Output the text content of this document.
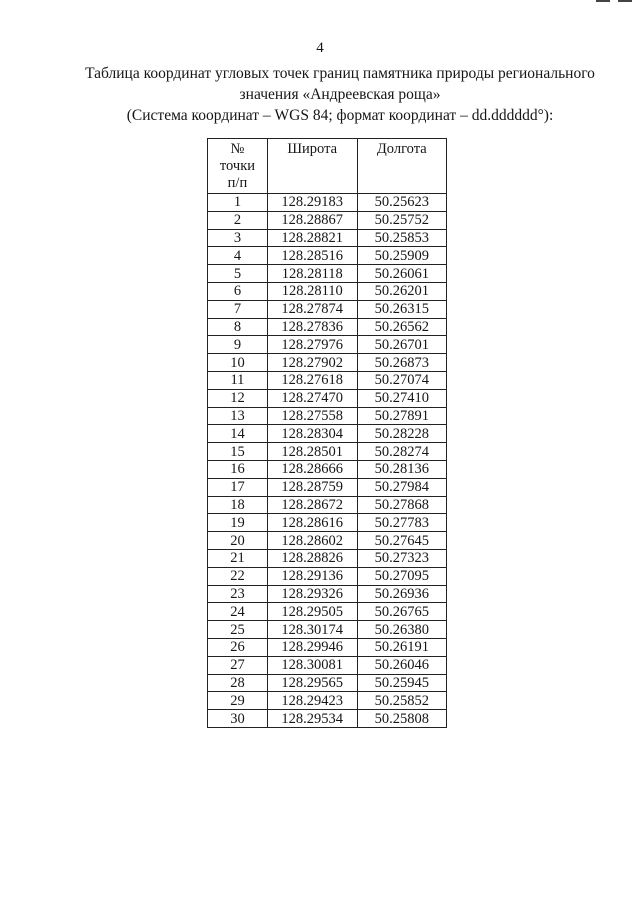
4
Таблица координат угловых точек границ памятника природы регионального
значения «Андреевская роща»
(Система координат – WGS 84; формат координат – dd.dddddd°):
№
точки
п/п	Широта	Долгота
1	128.29183	50.25623
2	128.28867	50.25752
3	128.28821	50.25853
4	128.28516	50.25909
5	128.28118	50.26061
6	128.28110	50.26201
7	128.27874	50.26315
8	128.27836	50.26562
9	128.27976	50.26701
10	128.27902	50.26873
11	128.27618	50.27074
12	128.27470	50.27410
13	128.27558	50.27891
14	128.28304	50.28228
15	128.28501	50.28274
16	128.28666	50.28136
17	128.28759	50.27984
18	128.28672	50.27868
19	128.28616	50.27783
20	128.28602	50.27645
21	128.28826	50.27323
22	128.29136	50.27095
23	128.29326	50.26936
24	128.29505	50.26765
25	128.30174	50.26380
26	128.29946	50.26191
27	128.30081	50.26046
28	128.29565	50.25945
29	128.29423	50.25852
30	128.29534	50.25808
